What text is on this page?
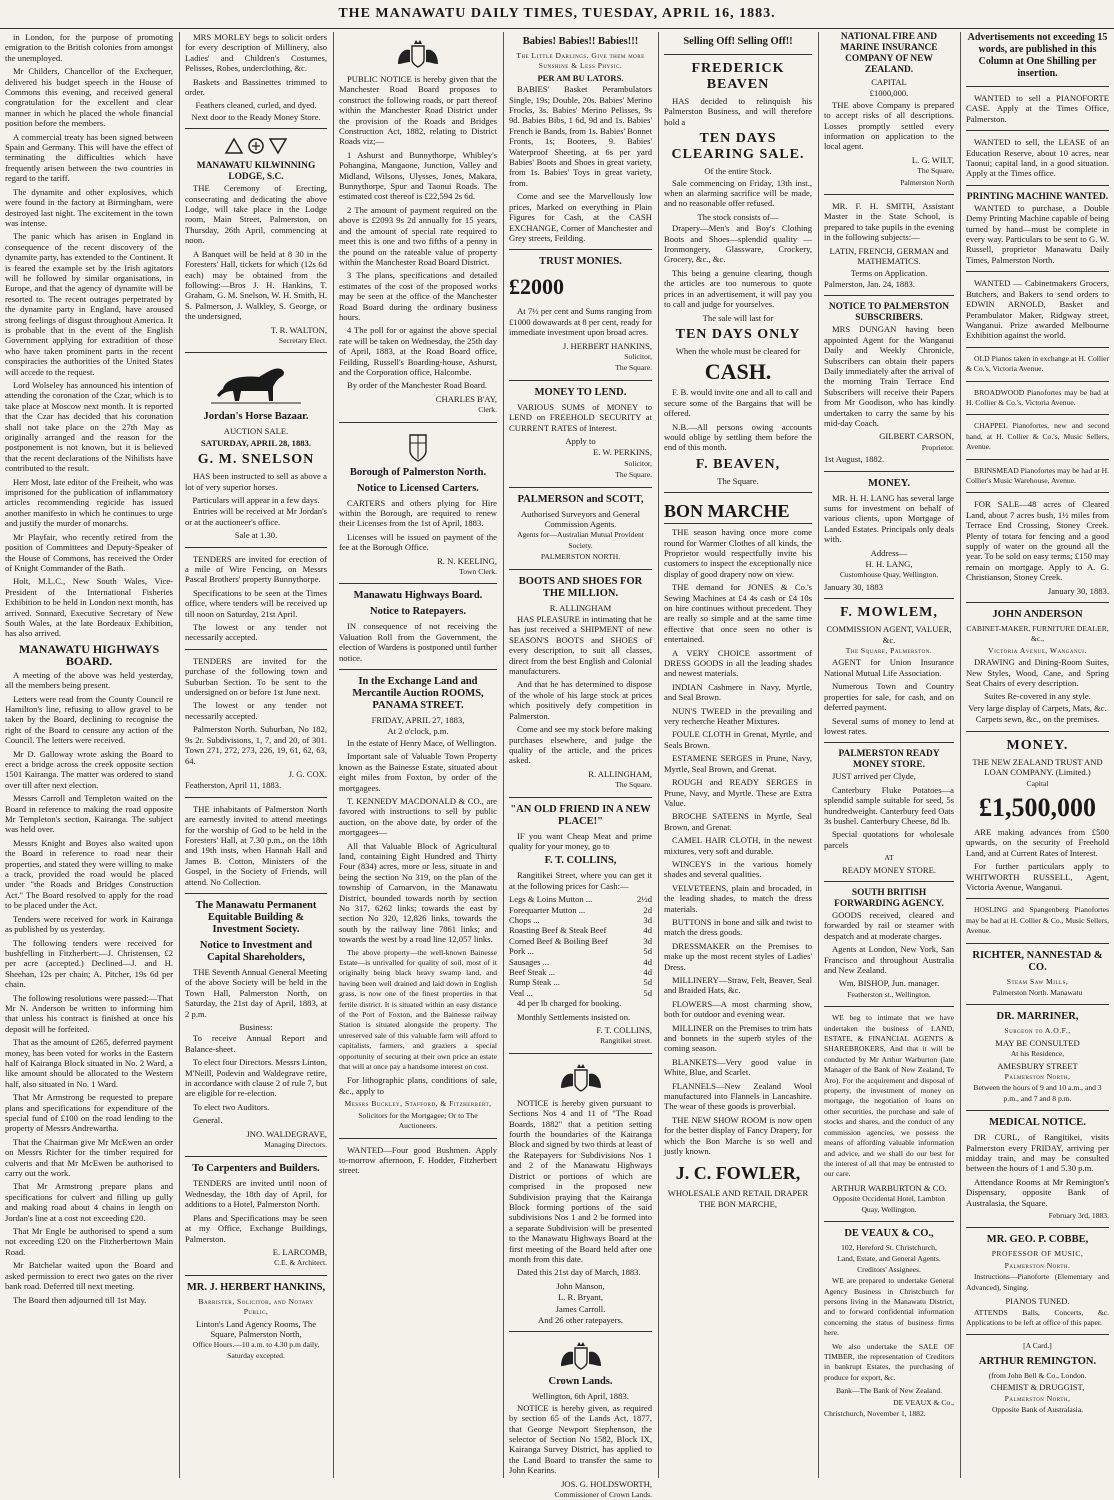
THE MANAWATU DAILY TIMES, TUESDAY, APRIL 16, 1883.

in London, for the purpose of promoting emigration to the British colonies from amongst the unemployed.

Mr Childers, Chancellor of the Exchequer, delivered his budget speech in the House of Commons this evening, and received general congratulation for the excellent and clear manner in which he placed the whole financial position before the members.

A commercial treaty has been signed between Spain and Germany. This will have the effect of terminating the difficulties which have frequently arisen between the two countries in regard to the tariff.

The dynamite and other explosives, which were found in the factory at Birmingham, were destroyed last night. The excitement in the town was intense.

The panic which has arisen in England in consequence of the recent discovery of the dynamite party, has extended to the Continent. It is feared the example set by the Irish agitators will be followed by similar organisations, in Europe, and that the agency of dynamite will be resorted to. The recent outrages perpetrated by the dynamite party in England, have aroused strong feelings of disgust throughout America. It is probable that in the event of the English Government applying for extradition of those who have taken prominent parts in the recent conspiracies the authorities of the United States will accede to the request.

Lord Wolseley has announced his intention of attending the coronation of the Czar, which is to take place at Moscow next month. It is reported that the Czar has decided that his coronation shall not take place on the 27th May as originally arranged and the reason for the postponement is not known, but it is believed that the recent declarations of the Nihilists have contributed to the result.

Herr Most, late editor of the Freiheit, who was imprisoned for the publication of inflammatory articles recommending regicide has issued another manifesto in which he continues to urge and justify the murder of monarchs.

Mr Playfair, who recently retired from the position of Committees and Deputy-Speaker of the House of Commons, has received the Order of Knight Commander of the Bath.

Holt, M.L.C., New South Wales, Vice-President of the International Fisheries Exhibition to be held in London next month, has arrived. Sonnard, Executive Secretary of New South Wales, at the late Bordeaux Exhibition, has also arrived.

MANAWATU HIGHWAYS BOARD.

A meeting of the above was held yesterday, all the members being present.

Letters were read from the County Council re Hamilton's line, refusing to allow gravel to be taken by the Board, declining to recognise the right of the Board to censure any action of the Council. The letters were received.

Mr D. Galloway wrote asking the Board to erect a bridge across the creek opposite section 1501 Kairanga. The matter was ordered to stand over till after next election.

Messrs Carroll and Templeton waited on the Board in reference to making the road opposite Mr Templeton's section, Kairanga. The subject was held over.

Messrs Knight and Boyes also waited upon the Board in reference to road near their properties, and stated they were willing to make a track, provided the road would be placed under "the Roads and Bridges Construction Act." The Board resolved to apply for the road to be placed under the Act.

Tenders were received for work in Kairanga as published by us yesterday.

The following tenders were received for bushfelling in Fitzherbert:—J. Christensen, £2 per acre (accepted.) Declined—J. and H. Sheehan, 12s per chain; A. Pitcher, 19s 6d per chain.

The following resolutions were passed:—That Mr N. Anderson be written to informing him that unless his contract is finished at once his deposit will be forfeited.

That as the amount of £265, deferred payment money, has been voted for works in the Eastern half of Kairanga Block situated in No. 2 Ward, a like amount should be allocated to the Western half, also situated in No. 1 Ward.

That Mr Armstrong be requested to prepare plans and specifications for expenditure of the special fund of £100 on the road lending to the property of Messrs Andrewartha.

That the Chairman give Mr McEwen an order on Messrs Richter for the timber required for culverts and that Mr McEwen be authorised to carry out the work.

That Mr Armstrong prepare plans and specifications for culvert and filling up gully and making road about 4 chains in length on Jordan's line at a cost not exceeding £20.

That Mr Engle be authorised to spend a sum not exceeding £20 on the Fitzherbertown Main Road.

Mr Batchelar waited upon the Board and asked permission to erect two gates on the river bank road. Deferred till next meeting.

The Board then adjourned till 1st May.

MRS MORLEY begs to solicit orders for every description of Millinery, also Ladies' and Children's Costumes, Pelisses, Robes, underclothing, &c.

Baskets and Bassinettes trimmed to order.

Feathers cleaned, curled, and dyed.
Next door to the Ready Money Store.
MANAWATU KILWINNING LODGE, S.C.

THE Ceremony of Erecting, consecrating and dedicating the above Lodge, will take place in the Lodge room, Main Street, Palmerston, on Thursday, 26th April, commencing at noon.

A Banquet will be held at 8 30 in the Foresters' Hall, tickets for which (12s 6d each) may be obtained from the following:—Bros J. H. Hankins, T. Graham, G. M. Snelson, W. H. Smith, H. S. Palmerson, J. Walkley, S. George, or the undersigned,

T. R. WALTON,
Secretary Elect.
Jordan's Horse Bazaar.
AUCTION SALE.
SATURDAY, APRIL 28, 1883.
G. M. SNELSON

HAS been instructed to sell as above a lot of very superior horses.

Particulars will appear in a few days.

Entries will be received at Mr Jordan's or at the auctioneer's office.

Sale at 1.30.

TENDERS are invited for erection of a mile of Wire Fencing, on Messrs Pascal Brothers' property Bunnythorpe.

Specifications to be seen at the Times office, where tenders will be received up till noon on Saturday, 21st April.

The lowest or any tender not necessarily accepted.

TENDERS are invited for the purchase of the following town and Suburban Section. To be sent to the undersigned on or before 1st June next.

The lowest or any tender not necessarily accepted.

Palmerston North. Suburban, No 182, 9s 2r. Subdivisions, 1, 7, and 20, of 301. Town 271, 272, 273, 226, 19, 61, 62, 63, 64.

J. G. COX.
Featherston, April 11, 1883.

THE inhabitants of Palmerston North are earnestly invited to attend meetings for the worship of God to be held in the Foresters' Hall, at 7.30 p.m., on the 18th and 19th insts, when Hannah Hall and James B. Cotton, Ministers of the Gospel, in the Society of Friends, will attend. No Collection.

The Manawatu Permanent Equitable Building & Investment Society.
Notice to Investment and Capital Shareholders,

THE Seventh Annual General Meeting of the above Society will be held in the Town Hall, Palmerston North, on Saturday, the 21st day of April, 1883, at 2 p.m.

Business:

To receive Annual Report and Balance-sheet.

To elect four Directors. Messrs Linton, M'Neill, Podevin and Waldegrave retire, in accordance with clause 2 of rule 7, but are eligible for re-election.

To elect two Auditors.

General.

JNO. WALDEGRAVE,
Managing Directors.
To Carpenters and Builders.

TENDERS are invited until noon of Wednesday, the 18th day of April, for additions to a Hotel, Palmerston North.

Plans and Specifications may be seen at my Office, Exchange Buildings, Palmerston.

E. LARCOMB,
C.E. & Architect.
MR. J. HERBERT HANKINS,
Barrister, Solicitor, and Notary Public,
Linton's Land Agency Rooms, The Square, Palmerston North,
Office Hours.—10 a.m. to 4.30 p.m daily, Saturday excepted.

PUBLIC NOTICE is hereby given that the Manchester Road Board proposes to construct the following roads, or part thereof within the Manchester Road District under the provision of the Roads and Bridges Construction Act, 1882, relating to District Roads viz;—

1 Ashurst and Bunnythorpe, Whibley's Pohangina, Mangaone, Junction, Valley and Midland, Wilsons, Ulysses, Jones, Makara, Bunnythorpe, Spur and Taonui Roads. The estimated cost thereof is £22,594 2s 6d.

2 The amount of payment required on the above is £2093 9s 2d annually for 15 years, and the amount of special rate required to meet this is one and two fifths of a penny in the pound on the rateable value of property within the Manchester Road Board District.

3 The plans, specifications and detailed estimates of the cost of the proposed works may be seen at the office of the Manchester Road Board during the ordinary business hours.

4 The poll for or against the above special rate will be taken on Wednesday, the 25th day of April, 1883, at the Road Board office, Feilding, Russell's Boarding-house, Ashurst, and the Corporation office, Halcombe.

By order of the Manchester Road Board.

CHARLES B'AY,
Clerk.
Borough of Palmerston North.
Notice to Licensed Carters.

CARTERS and others plying for Hire within the Borough, are required to renew their Licenses from the 1st of April, 1883.

Licenses will be issued on payment of the fee at the Borough Office.

R. N. KEELING,
Town Clerk.
Manawatu Highways Board.
Notice to Ratepayers.

IN consequence of not receiving the Valuation Roll from the Government, the election of Wardens is postponed until further notice.

In the Exchange Land and Mercantile Auction ROOMS, PANAMA STREET.
FRIDAY, APRIL 27, 1883,
At 2 o'clock, p.m.

In the estate of Henry Mace, of Wellington.

Important sale of Valuable Town Property known as the Bainesse Estate, situated about eight miles from Foxton, by order of the mortgagees.

T. KENNEDY MACDONALD & CO., are favored with instructions to sell by public auction, on the above date, by order of the mortgagees—

All that Valuable Block of Agricultural land, containing Eight Hundred and Thirty Four (834) acres, more or less, situate in and being the section No 319, on the plan of the township of Carnarvon, in the Manawatu District, bounded towards north by section No 317, 6262 links; towards the east by section No 320, 12,826 links, towards the south by the railway line 7861 links; and towards the west by a road line 12,057 links.

The above property—the well-known Bainesse Estate—is unrivalled for quality of soil, most of it originally being black heavy swamp land, and having been well drained and laid down in English grass, is now one of the finest properties in that fertile district. It is situated within an easy distance of the Port of Foxton, and the Bainesse railway Station is situated alongside the property. The unreserved sale of this valuable farm will afford to capitalists, farmers, and graziers a special opportunity of securing at their own price an estate that will at once pay a handsome interest on cost.

For lithographic plans, conditions of sale, &c., apply to

Messrs Buckley, Stafford, & Fitzherbert,
Solicitors for the Mortgagee; Or to The Auctioneers.

WANTED—Four good Bushmen. Apply to-morrow afternoon, F. Hodder, Fitzherbert street.

Babies! Babies!! Babies!!!
The Little Darlings. Give them more Sunshine & Less Physic.
PER AM BU LATORS.

BABIES' Basket Perambulators Single, 19s; Double, 20s. Babies' Merino Frocks, 3s. Babies' Merino Pelisses, 9s 9d. Babies Bibs, 1 6d, 9d and 1s. Babies' French ie Bands, from 1s. Babies' Bonnet Fronts, 1s; Bootees, 9. Babies' Waterproof Sheeting, at 6s per yard Babies' Boots and Shoes in great variety, from 1s. Babies' Toys in great variety, from.

Come and see the Marvellously low prices, Marked on everything in Plain Figures for Cash, at the CASH EXCHANGE, Corner of Manchester and Grey streets, Feilding.

TRUST MONIES.
£2000

At 7½ per cent and Sums ranging from £1000 dowawards at 8 per cent, ready for immediate investment upon broad acres.

J. HERBERT HANKINS,
Solicitor,
The Square.
MONEY TO LEND.

VARIOUS SUMS of MONEY to LEND on FREEHOLD SECURITY at CURRENT RATES of Interest.

Apply to
E. W. PERKINS,
Solicitor,
The Square.
PALMERSON and SCOTT,
Authorised Surveyors and General Commission Agents.
Agents for—Australian Mutual Provident Society.
PALMERSTON NORTH.
BOOTS AND SHOES FOR THE MILLION.
R. ALLINGHAM

HAS PLEASURE in intimating that he has just received a SHIPMENT of new SEASON'S BOOTS and SHOES of every description, to suit all classes, direct from the best English and Colonial manufacturers.

And that he has determined to dispose of the whole of his large stock at prices which positively defy competition in Palmerston.

Come and see my stock before making purchases elsewhere, and judge the quality of the article, and the prices asked.

R. ALLINGHAM,
The Square.
"AN OLD FRIEND IN A NEW PLACE!"

IF you want Cheap Meat and prime quality for your money, go to

F. T. COLLINS,

Rangitikei Street, where you can get it at the following prices for Cash:—

Legs & Loins Mutton ...	2½d
Forequarter Mutton ...	2d
Chops ...	3d
Roasting Beef & Steak Beef	4d
Corned Beef & Boiling Beef	3d
Pork ...	5d
Sausages ...	4d
Beef Steak ...	4d
Rump Steak ...	5d
Veal ...	5d

4d per lb charged for booking.

Monthly Settlements insisted on.

F. T. COLLINS,
Rangitikei street.

NOTICE is hereby given pursuant to Sections Nos 4 and 11 of "The Road Boards, 1882" that a petition setting fourth the boundaries of the Kairanga Block and signed by two thirds at least of the Ratepayers for Subdivisions Nos 1 and 2 of the Manawatu Highways District or portions of which are comprised in the proposed new Subdivision praying that the Kairanga Block forming portions of the said subdivisions Nos 1 and 2 be formed into a separate Subdivision will be presented to the Manawatu Highways Board at the first meeting of the Board held after one month from this date.

Dated this 21st day of March, 1883.

John Manson,
L. R. Bryant,
James Carroll.
And 26 other ratepayers.
Crown Lands.
Wellington, 6th April, 1883.

NOTICE is hereby given, as required by section 65 of the Lands Act, 1877, that George Newport Stephenson, the selector of Section No 1582, Block IX, Kairanga Survey District, has applied to the Land Board to transfer the same to John Kearins.

JOS. G. HOLDSWORTH,
Commissioner of Crown Lands.
Selling Off! Selling Off!!
FREDERICK BEAVEN

HAS decided to relinquish his Palmerston Business, and will therefore hold a

TEN DAYS CLEARING SALE.
Of the entire Stock.

Sale commencing on Friday, 13th inst., when an alarming sacrifice will be made, and no reasonable offer refused.

The stock consists of—

Drapery—Men's and Boy's Clothing Boots and Shoes—splendid quality —Ironmongery, Glassware, Crockery, Grocery, &c., &c.

This being a genuine clearing, though the articles are too numerous to quote prices in an advertisement, it will pay you to call and judge for yourselves.

The sale will last for
TEN DAYS ONLY
When the whole must be cleared for
CASH.

F. B. would invite one and all to call and secure some of the Bargains that will be offered.

N.B.—All persons owing accounts would oblige by settling them before the end of this month.

F. BEAVEN,
The Square.
BON MARCHE

THE season having once more come round for Warmer Clothes of all kinds, the Proprietor would respectfully invite his customers to inspect the exceptionally nice display of good drapery now on view.

THE demand for JONES & Co.'s Sewing Machines at £4 4s cash or £4 10s on hire continues without precedent. They are really so simple and at the same time effective that once seen no other is entertained.

A VERY CHOICE assortment of DRESS GOODS in all the leading shades and newest materials.

INDIAN Cashmere in Navy, Myrtle, and Seal Brown.

NUN'S TWEED in the prevailing and very recherche Heather Mixtures.

FOULE CLOTH in Grenat, Myrtle, and Seals Brown.

ESTAMENE SERGES in Prune, Navy, Myrtle, Seal Brown, and Grenat.

ROUGH and READY SERGES in Prune, Navy, and Myrtle. These are Extra Value.

BROCHE SATEENS in Myrtle, Seal Brown, and Grenat.

CAMEL HAIR CLOTH, in the newest mixtures, very soft and durable.

WINCEYS in the various homely shades and several qualities.

VELVETEENS, plain and brocaded, in the leading shades, to match the dress materials.

BUTTONS in bone and silk and twist to match the dress goods.

DRESSMAKER on the Premises to make up the most recent styles of Ladies' Dress.

MILLINERY—Straw, Felt, Beaver, Seal and Braided Hats, &c.

FLOWERS—A most charming show, both for outdoor and evening wear.

MILLINER on the Premises to trim hats and bonnets in the superb styles of the coming season.

BLANKETS—Very good value in White, Blue, and Scarlet.

FLANNELS—New Zealand Wool manufactured into Flannels in Lancashire. The wear of these goods is proverbial.

THE NEW SHOW ROOM is now open for the better display of Fancy Drapery, for which the Bon Marche is so well and justly known.

J. C. FOWLER,
WHOLESALE AND RETAIL DRAPER
THE BON MARCHE,
NATIONAL FIRE AND MARINE INSURANCE COMPANY OF NEW ZEALAND.
CAPITAL
£1000,000.

THE above Company is prepared to accept risks of all descriptions. Losses promptly settled every information on application to the local agent.

L. G. WILT,
The Square,
Palmerston North

MR. F. H. SMITH, Assistant Master in the State School, is prepared to take pupils in the evening in the following subjects:—

LATIN, FRENCH, GERMAN and MATHEMATICS.
Terms on Application.
Palmerston, Jan. 24, 1883.
NOTICE TO PALMERSTON SUBSCRIBERS.

MRS DUNGAN having been appointed Agent for the Wanganui Daily and Weekly Chronicle, Subscribers can obtain their papers Daily immediately after the arrival of the morning Train Terrace End Subscribers will receive their Papers from Mr Goodison, who has kindly undertaken to carry the same by his mid-day Coach.

GILBERT CARSON,
Proprietor.
1st August, 1882.
MONEY.

MR. H. H. LANG has several large sums for investment on behalf of various clients, upon Mortgage of Landed Estates. Principals only deals with.

Address—
H. H. LANG,
Customhouse Quay, Wellington.
January 30, 1883
F. MOWLEM,
COMMISSION AGENT, VALUER, &c.
The Square, Palmerston.

AGENT for Union Insurance National Mutual Life Association.

Numerous Town and Country properties for sale, for cash, and on deferred payment.

Several sums of money to lend at lowest rates.

PALMERSTON READY MONEY STORE.

JUST arrived per Clyde,

Canterbury Fluke Potatoes—a splendid sample suitable for seed, 5s hundredweight. Canterbury feed Oats 3s bushel. Canterbury Cheese, 8d lb.

Special quotations for wholesale parcels

AT
READY MONEY STORE.
SOUTH BRITISH FORWARDING AGENCY.

GOODS received, cleared and forwarded by rail or steamer with despatch and at moderate charges.

Agents at London, New York, San Francisco and throughout Australia and New Zealand.

Wm. BISHOP, Jun. manager.
Featherston st., Wellington.

WE beg to intimate that we have undertaken the business of LAND, ESTATE, & FINANCIAL AGENTS & SHAREBROKERS, And that it will be conducted by Mr Arthur Warburton (late Manager of the Bank of New Zealand, Te Aro). For the acquirement and disposal of property, the investment of money on mortgage, the negotiation of loans on other securities, the purchase and sale of stocks and shares, and the conduct of any commission agencies, we possess the means of affording valuable information and advice, and we shall do our best for the interest of all that may be entrusted to our care.

ARTHUR WARBURTON & CO.
Opposite Occidental Hotel, Lambton Quay, Wellington.
DE VEAUX & CO.,
102, Hereford St. Christchurch,
Land, Estate, and General Agents. Creditors' Assignees.

WE are prepared to undertake General Agency Business in Christchurch for persons living in the Manawatu District, and to forward confidential information concerning the status of business firms here.

We also undertake the SALE OF TIMBER, the representation of Creditors in bankrupt Estates, the purchasing of produce for export, &c.

Bank—The Bank of New Zealand.
DE VEAUX & Co.,
Christchurch, November 1, 1882.
Advertisements not exceeding 15 words, are published in this Column at One Shilling per insertion.

WANTED to sell a PIANOFORTE CASE. Apply at the Times Office, Palmerston.

WANTED to sell, the LEASE of an Education Reserve, about 10 acres, near Taonui; capital land, in a good situation. Apply at the Times office.

PRINTING MACHINE WANTED.

WANTED to purchase, a Double Demy Printing Machine capable of being turned by hand—must be complete in every way. Particulars to be sent to G. W. Russell, proprietor Manawatu Daily Times, Palmerston North.

WANTED — Cabinetmakers Grocers, Butchers, and Bakers to send orders to EDWIN ARNOLD, Basket and Perambulator Maker, Ridgway street, Wanganui. Prize awarded Melbourne Exhibition against the world.

OLD Pianos taken in exchange at H. Collier & Co.'s, Victoria Avenue.

BROADWOOD Pianofortes may be had at H. Collier & Co.'s, Victoria Avenue.

CHAPPEL Pianofortes, new and second hand, at H. Collier & Co.'s, Music Sellers, Avenue.

BRINSMEAD Pianofortes may be had at H. Collier's Music Warehouse, Avenue.

FOR SALE—48 acres of Cleared Land, about 7 acres bush, 1½ miles from Terrace End Crossing, Stoney Creek. Plenty of totara for fencing and a good supply of water on the ground all the year. To be sold on easy terms; £150 may remain on mortgage. Apply to A. G. Christianson, Stoney Creek.

January 30, 1883.
JOHN ANDERSON
CABINET-MAKER, FURNITURE DEALER, &c.,
Victoria Avenue, Wanganui.

DRAWING and Dining-Room Suites, New Styles, Wood, Cane, and Spring Seat Chairs of every description.

Suites Re-covered in any style.
Very large display of Carpets, Mats, &c.
Carpets sewn, &c., on the premises.
MONEY.
THE NEW ZEALAND TRUST AND LOAN COMPANY. (Limited.)
Capital
£1,500,000

ARE making advances from £500 upwards, on the security of Freehold Land, and at Current Rates of Interest.

For further particulars apply to WHITWORTH RUSSELL, Agent, Victoria Avenue, Wanganui.

HOSLING and Spangenberg Pianofortes may be had at H. Collier & Co., Music Sellers, Avenue.

RICHTER, NANNESTAD & CO.
Steam Saw Mills,
Palmerston North. Manawatu
DR. MARRINER,
Surgeon to A.O.F.,
MAY BE CONSULTED
At his Residence,
AMESBURY STREET
Palmerston North,
Between the hours of 9 and 10 a.m., and 3 p.m., and 7 and 8 p.m.
MEDICAL NOTICE.

DR CURL, of Rangitikei, visits Palmerston every FRIDAY, arriving per midday train, and may be consulted between the hours of 1 and 5.30 p.m.

Attendance Rooms at Mr Remington's Dispensary, opposite Bank of Australasia, the Square.

February 3rd, 1883.
MR. GEO. P. COBBE,
PROFESSOR OF MUSIC,
Palmerston North.

Instructions—Pianoforte (Elementary and Advanced), Singing.

PIANOS TUNED.

ATTENDS Balls, Concerts, &c. Applications to be left at office of this paper.

[A Card.]
ARTHUR REMINGTON.
(from John Bell & Co., London.
CHEMIST & DRUGGIST,
Palmerston North,
Opposite Bank of Australasia.
